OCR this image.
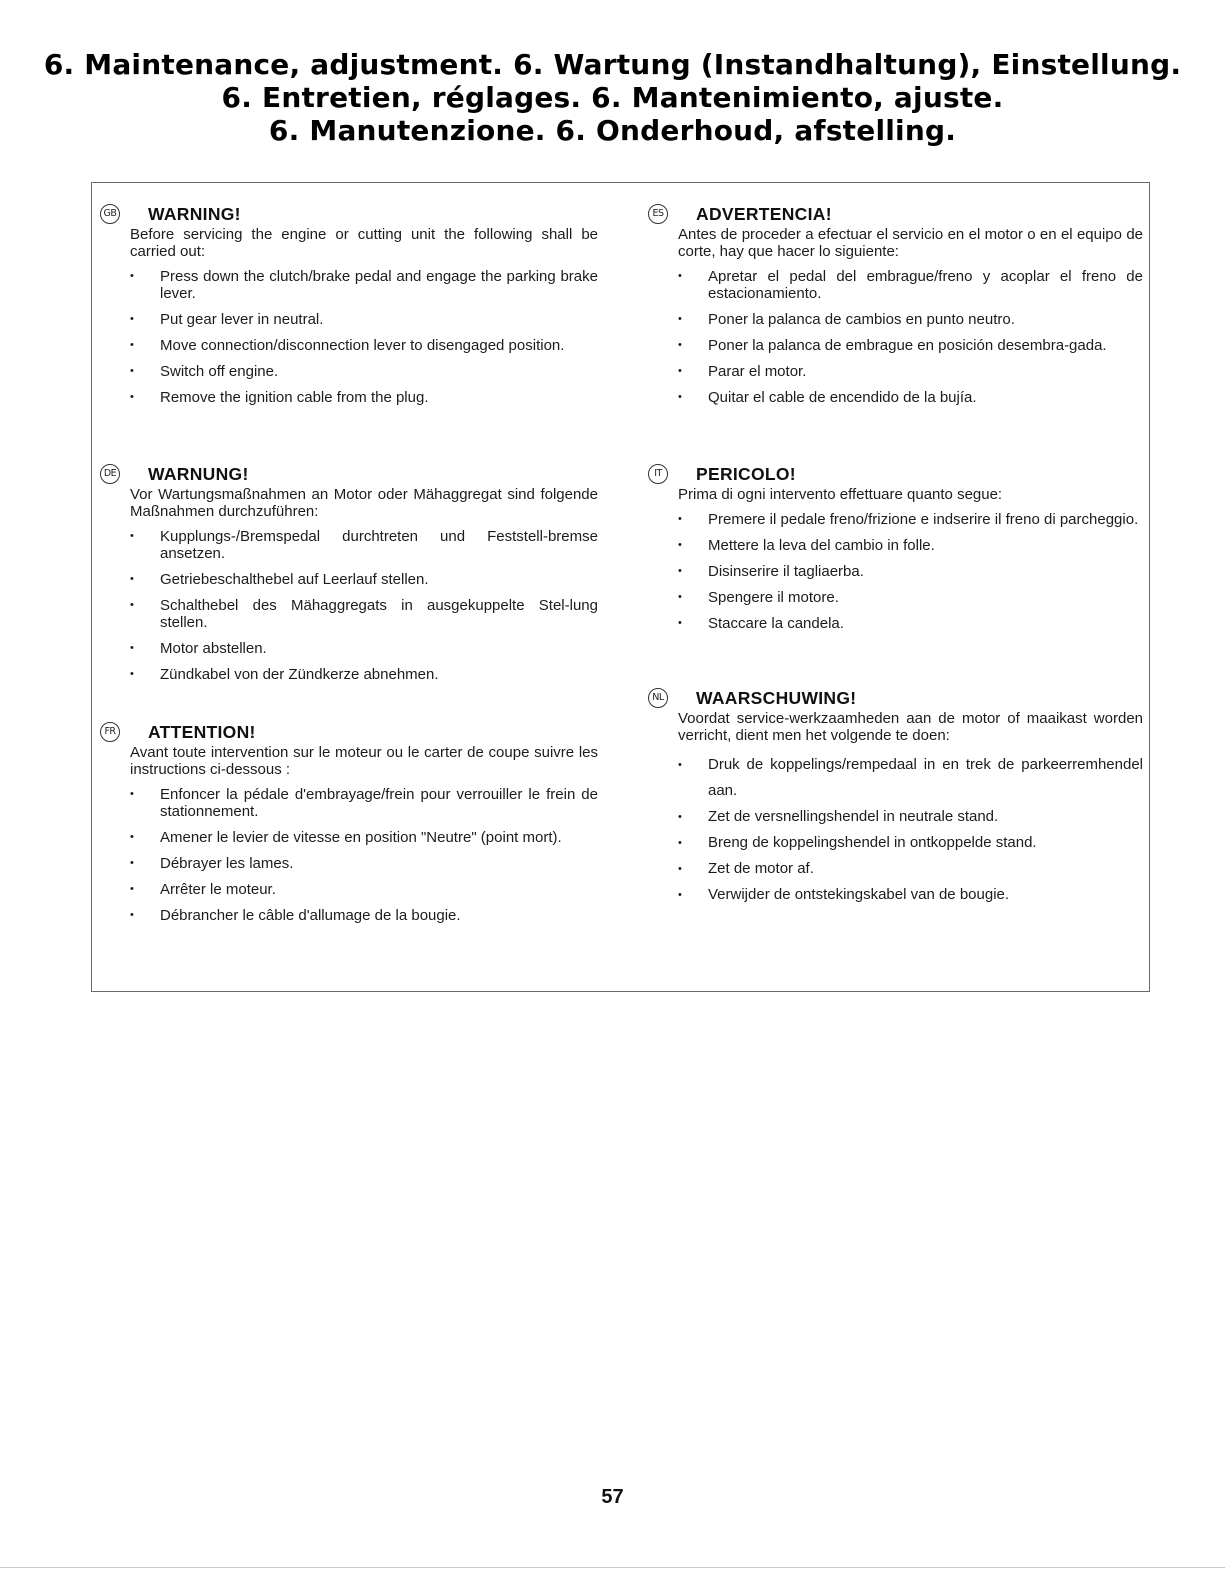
6. Maintenance, adjustment. 6. Wartung (Instandhaltung), Einstellung.
6. Entretien, réglages. 6. Mantenimiento, ajuste.
6. Manutenzione. 6. Onderhoud, afstelling.
GB WARNING!
Before servicing the engine or cutting unit the following shall be carried out:
• Press down the clutch/brake pedal and engage the parking brake lever.
• Put gear lever in neutral.
• Move connection/disconnection lever to disengaged position.
• Switch off engine.
• Remove the ignition cable from the plug.
DE WARNUNG!
Vor Wartungsmaßnahmen an Motor oder Mähaggregat sind folgende Maßnahmen durchzuführen:
• Kupplungs-/Bremspedal durchtreten und Feststell-bremse ansetzen.
• Getriebeschalthebel auf Leerlauf stellen.
• Schalthebel des Mähaggregats in ausgekuppelte Stel-lung stellen.
• Motor abstellen.
• Zündkabel von der Zündkerze abnehmen.
FR ATTENTION!
Avant toute intervention sur le moteur ou le carter de coupe suivre les instructions ci-dessous :
• Enfoncer la pédale d'embrayage/frein pour verrouiller le frein de stationnement.
• Amener le levier de vitesse en position "Neutre" (point mort).
• Débrayer les lames.
• Arrêter le moteur.
• Débrancher le câble d'allumage de la bougie.
ES ADVERTENCIA!
Antes de proceder a efectuar el servicio en el motor o en el equipo de corte, hay que hacer lo siguiente:
• Apretar el pedal del embrague/freno y acoplar el freno de estacionamiento.
• Poner la palanca de cambios en punto neutro.
• Poner la palanca de embrague en posición desembra-gada.
• Parar el motor.
• Quitar el cable de encendido de la bujía.
IT	PERICOLO!
Prima di ogni intervento effettuare quanto segue:
• Premere il pedale freno/frizione e indserire il freno di parcheggio.
• Mettere la leva del cambio in folle.
• Disinserire il tagliaerba.
• Spengere il motore.
• Staccare la candela.
NL WAARSCHUWING!
Voordat service-werkzaamheden aan de motor of maaikast worden verricht, dient men het volgende te doen:
• Druk de koppelings/rempedaal in en trek de parkeerremhendel aan.
• Zet de versnellingshendel in neutrale stand.
• Breng de koppelingshendel in ontkoppelde stand.
• Zet de motor af.
• Verwijder de ontstekingskabel van de bougie.
57
